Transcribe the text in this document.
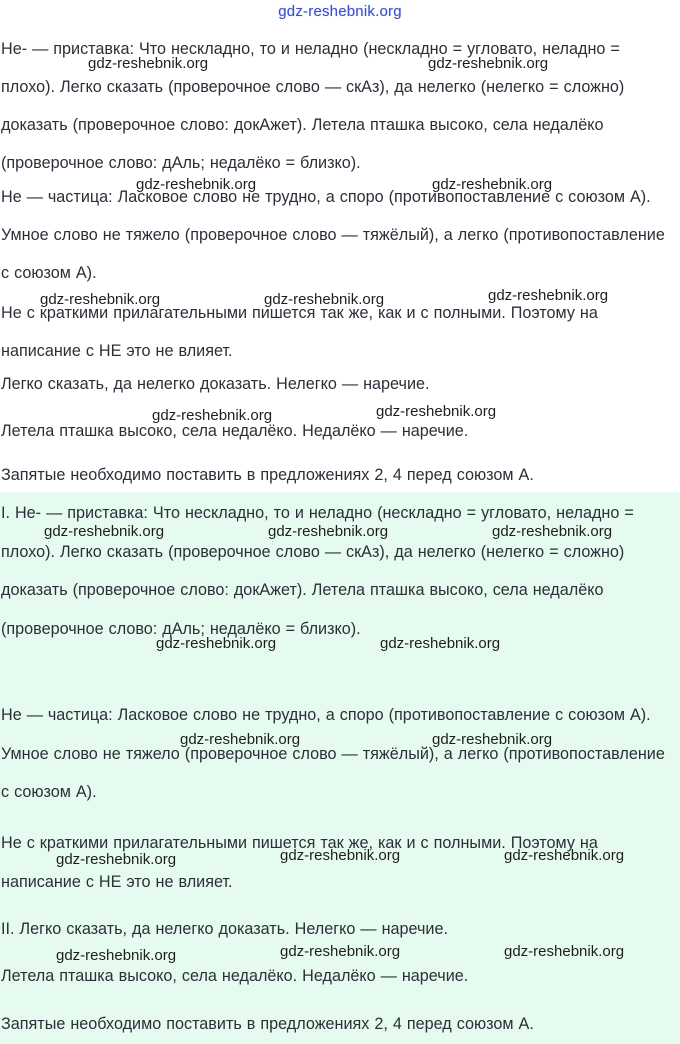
gdz-reshebnik.org
Не- — приставка: Что нескладно, то и неладно (нескладно = угловато, неладно = плохо). Легко сказать (проверочное слово — скАз), да нелегко (нелегко = сложно) доказать (проверочное слово: докАжет). Летела пташка высоко, села недалёко (проверочное слово: дАль; недалёко = близко).
Не — частица: Ласковое слово не трудно, а споро (противопоставление с союзом А). Умное слово не тяжело (проверочное слово — тяжёлый), а легко (противопоставление с союзом А).
Не с краткими прилагательными пишется так же, как и с полными. Поэтому на написание с НЕ это не влияет.
Легко сказать, да нелегко доказать. Нелегко — наречие.
Летела пташка высоко, села недалёко. Недалёко — наречие.
Запятые необходимо поставить в предложениях 2, 4 перед союзом А.
I. Не- — приставка: Что нескладно, то и неладно (нескладно = угловато, неладно = плохо). Легко сказать (проверочное слово — скАз), да нелегко (нелегко = сложно) доказать (проверочное слово: докАжет). Летела пташка высоко, села недалёко (проверочное слово: дАль; недалёко = близко).
Не — частица: Ласковое слово не трудно, а споро (противопоставление с союзом А). Умное слово не тяжело (проверочное слово — тяжёлый), а легко (противопоставление с союзом А).
Не с краткими прилагательными пишется так же, как и с полными. Поэтому на написание с НЕ это не влияет.
II. Легко сказать, да нелегко доказать. Нелегко — наречие.
Летела пташка высоко, села недалёко. Недалёко — наречие.
Запятые необходимо поставить в предложениях 2, 4 перед союзом А.
gdz-reshebnik.org	gdz-reshebnik.org
gdz-reshebnik.org	gdz-reshebnik.org
gdz-reshebnik.org	gdz-reshebnik.org	gdz-reshebnik.org
gdz-reshebnik.org	gdz-reshebnik.org
gdz-reshebnik.org	gdz-reshebnik.org	gdz-reshebnik.org
gdz-reshebnik.org	gdz-reshebnik.org
gdz-reshebnik.org	gdz-reshebnik.org
gdz-reshebnik.org	gdz-reshebnik.org	gdz-reshebnik.org
gdz-reshebnik.org	gdz-reshebnik.org	gdz-reshebnik.org
